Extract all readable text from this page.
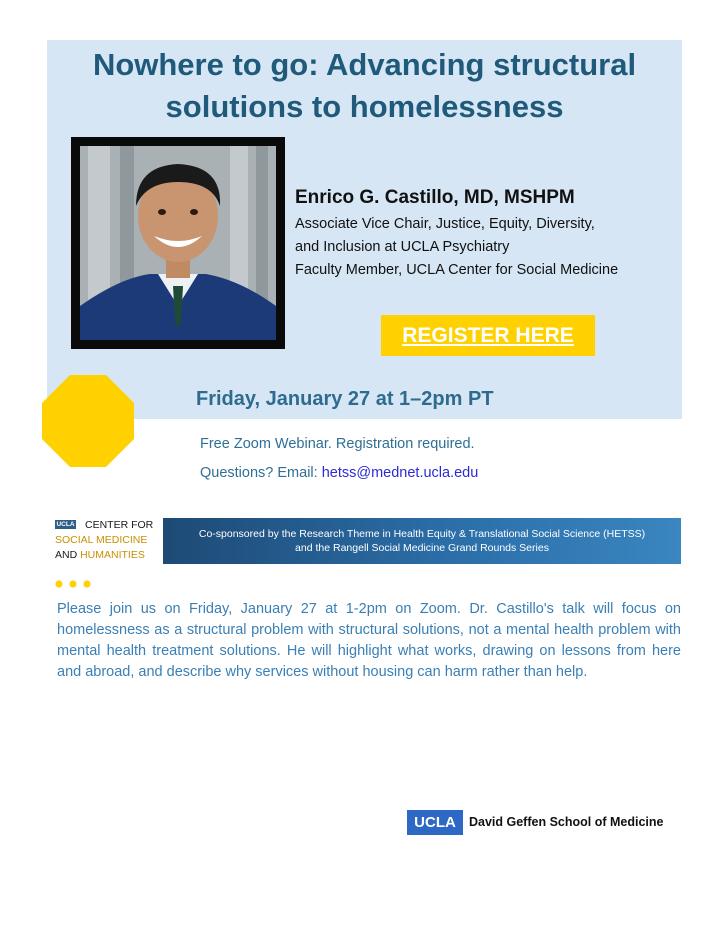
Nowhere to go: Advancing structural
solutions to homelessness
Enrico G. Castillo, MD, MSHPM
Associate Vice Chair, Justice, Equity, Diversity,
and Inclusion at UCLA Psychiatry
Faculty Member, UCLA Center for Social Medicine
REGISTER HERE
Friday, January 27 at 1–2pm PT
Free Zoom Webinar. Registration required.
Questions? Email: hetss@mednet.ucla.edu
UCLA CENTER FOR
SOCIAL MEDICINE
AND HUMANITIES
Co-sponsored by the Research Theme in Health Equity & Translational Social Science (HETSS)
and the Rangell Social Medicine Grand Rounds Series

Please join us on Friday, January 27 at 1-2pm on Zoom. Dr. Castillo's talk will focus on homelessness as a structural problem with structural solutions, not a mental health problem with mental health treatment solutions. He will highlight what works, drawing on lessons from here and abroad, and describe why services without housing can harm rather than help.

UCLA	David Geffen School of Medicine
